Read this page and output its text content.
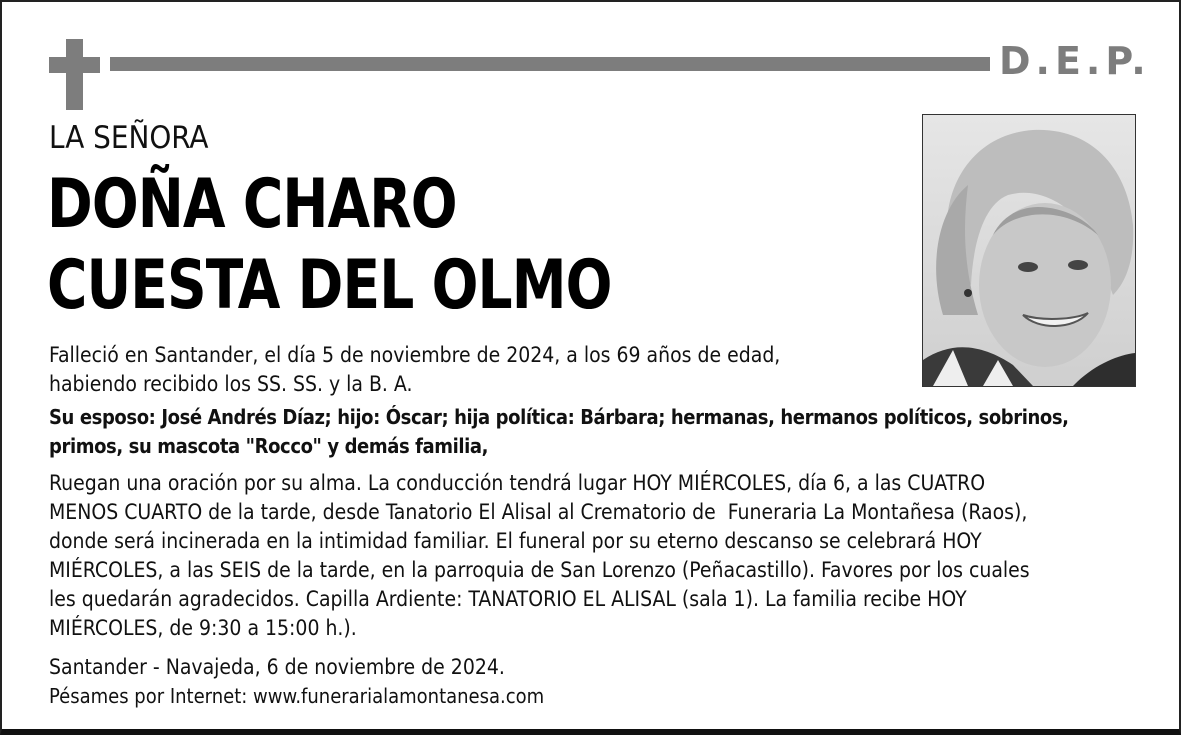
D.E.P.
LA SEÑORA
DOÑA CHARO
CUESTA DEL OLMO
Falleció en Santander, el día 5 de noviembre de 2024, a los 69 años de edad,
habiendo recibido los SS. SS. y la B. A.
Su esposo: José Andrés Díaz; hijo: Óscar; hija política: Bárbara; hermanas, hermanos políticos, sobrinos,
primos, su mascota "Rocco" y demás familia,
Ruegan una oración por su alma. La conducción tendrá lugar HOY MIÉRCOLES, día 6, a las CUATRO
MENOS CUARTO de la tarde, desde Tanatorio El Alisal al Crematorio de  Funeraria La Montañesa (Raos),
donde será incinerada en la intimidad familiar. El funeral por su eterno descanso se celebrará HOY
MIÉRCOLES, a las SEIS de la tarde, en la parroquia de San Lorenzo (Peñacastillo). Favores por los cuales
les quedarán agradecidos. Capilla Ardiente: TANATORIO EL ALISAL (sala 1). La familia recibe HOY
MIÉRCOLES, de 9:30 a 15:00 h.).
Santander - Navajeda, 6 de noviembre de 2024.
Pésames por Internet: www.funerarialamontanesa.com
